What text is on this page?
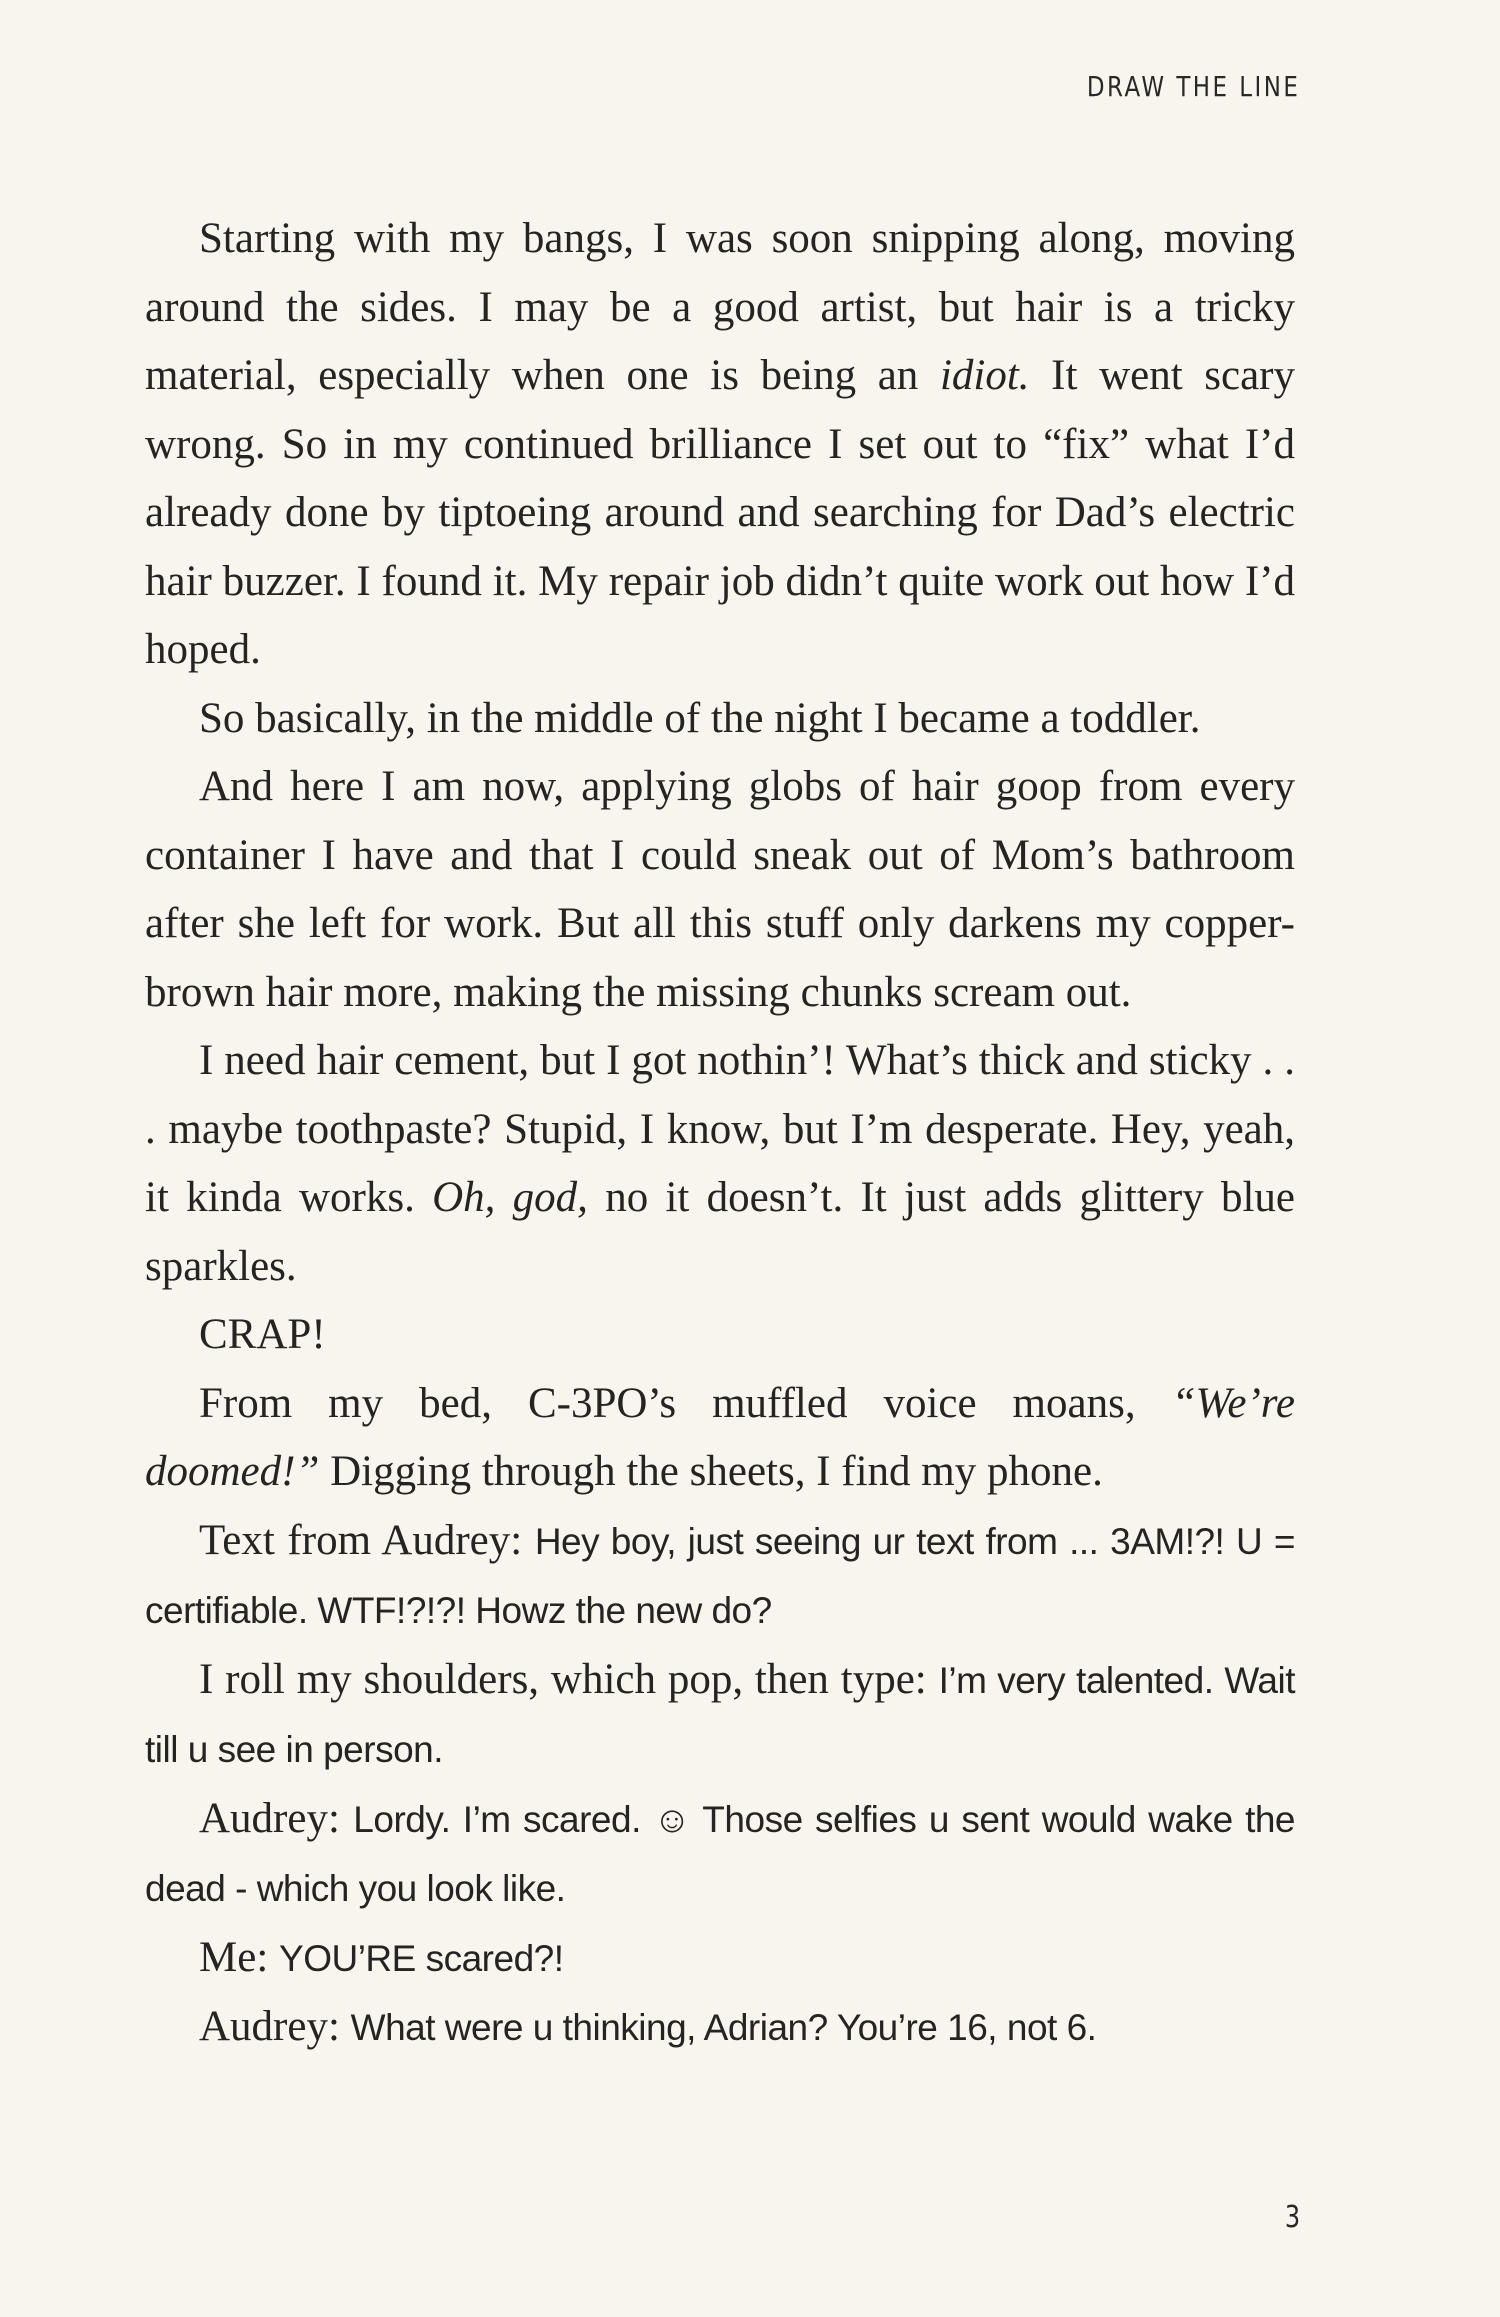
DRAW THE LINE

Starting with my bangs, I was soon snipping along, moving around the sides. I may be a good artist, but hair is a tricky material, especially when one is being an idiot. It went scary wrong. So in my continued brilliance I set out to “fix” what I’d already done by tiptoeing around and searching for Dad’s electric hair buzzer. I found it. My repair job didn’t quite work out how I’d hoped.

So basically, in the middle of the night I became a toddler.

And here I am now, applying globs of hair goop from every container I have and that I could sneak out of Mom’s bathroom after she left for work. But all this stuff only darkens my copper-brown hair more, making the missing chunks scream out.

I need hair cement, but I got nothin’! What’s thick and sticky . . . maybe toothpaste? Stupid, I know, but I’m desperate. Hey, yeah, it kinda works. Oh, god, no it doesn’t. It just adds glittery blue sparkles.

CRAP!

From my bed, C-3PO’s muffled voice moans, “We’re doomed!” Digging through the sheets, I find my phone.

Text from Audrey: Hey boy, just seeing ur text from ... 3AM!?! U = certifiable. WTF!?!?! Howz the new do?

I roll my shoulders, which pop, then type: I’m very talented. Wait till u see in person.

Audrey: Lordy. I’m scared. ☺ Those selfies u sent would wake the dead - which you look like.

Me: YOU’RE scared?!

Audrey: What were u thinking, Adrian? You’re 16, not 6.

3
